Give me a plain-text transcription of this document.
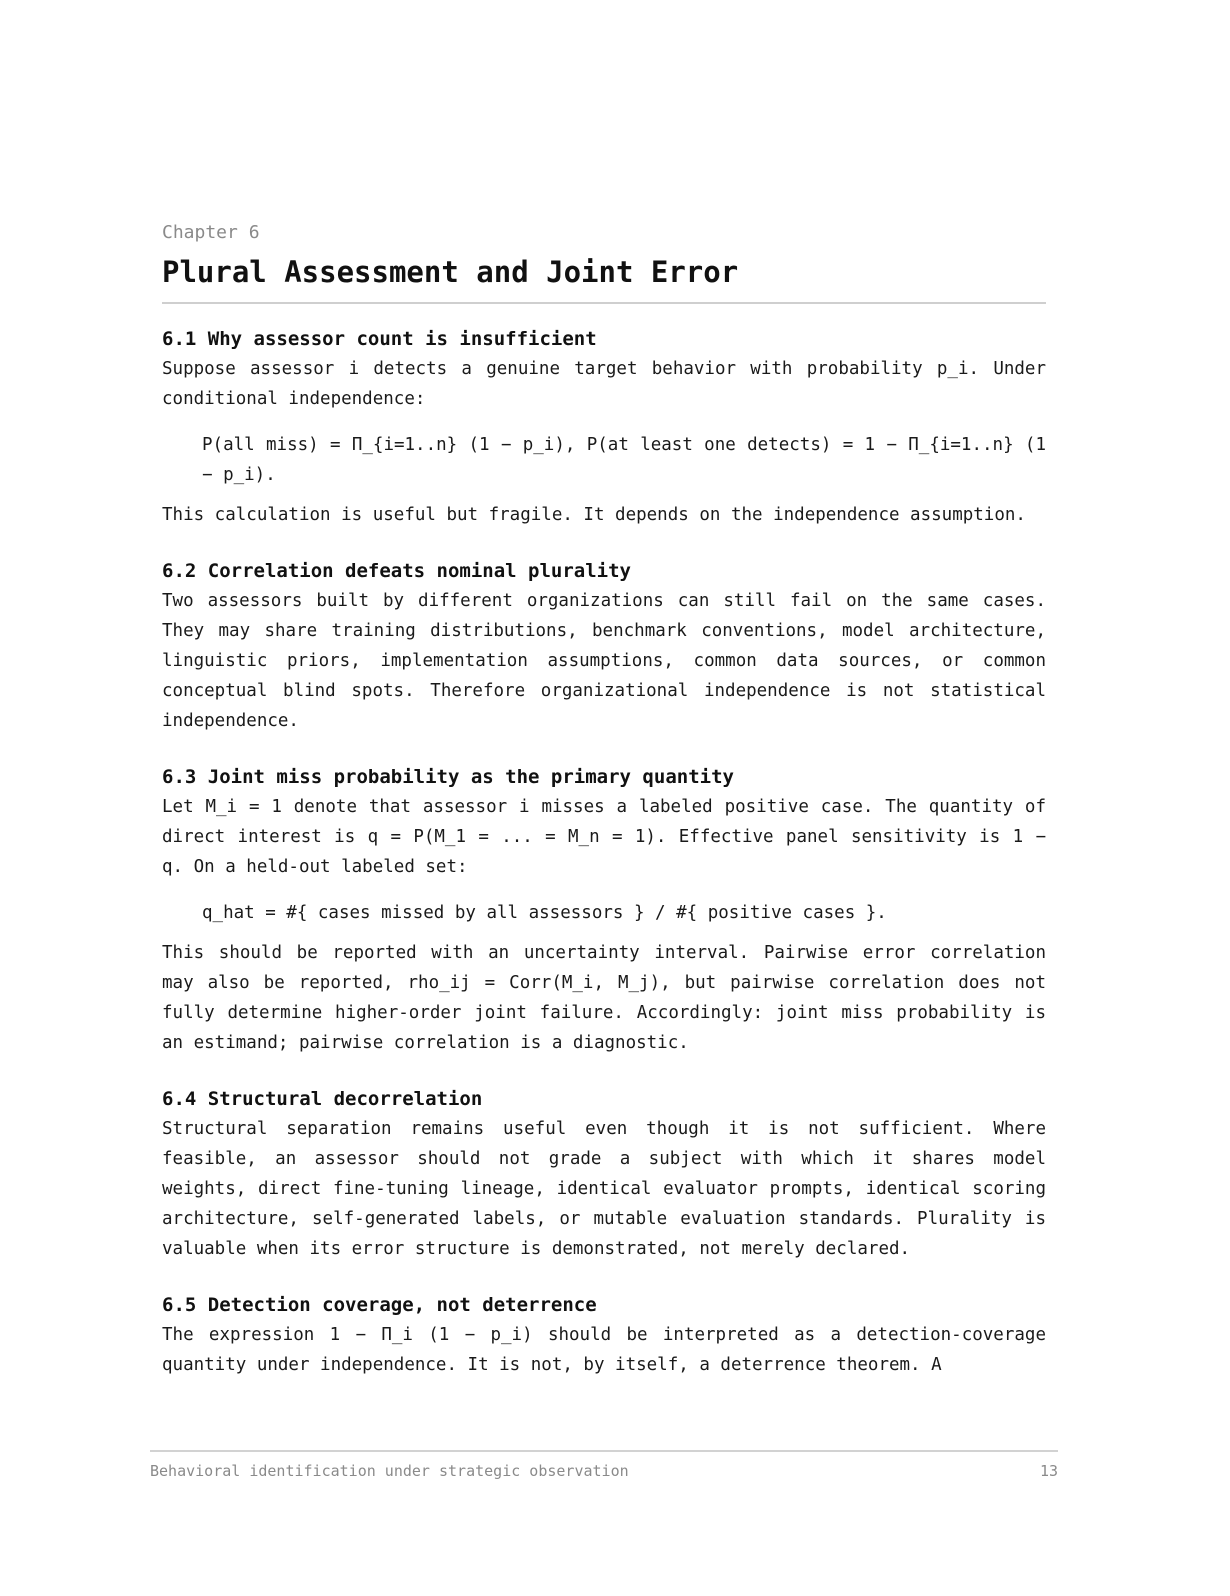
Chapter 6
Plural Assessment and Joint Error
6.1 Why assessor count is insufficient

Suppose assessor i detects a genuine target behavior with probability p_i. Under conditional independence:

P(all miss) = Π_{i=1..n} (1 − p_i), P(at least one detects) = 1 − Π_{i=1..n} (1 − p_i).

This calculation is useful but fragile. It depends on the independence assumption.

6.2 Correlation defeats nominal plurality

Two assessors built by different organizations can still fail on the same cases. They may share training distributions, benchmark conventions, model architecture, linguistic priors, implementation assumptions, common data sources, or common conceptual blind spots. Therefore organizational independence is not statistical independence.

6.3 Joint miss probability as the primary quantity

Let M_i = 1 denote that assessor i misses a labeled positive case. The quantity of direct interest is q = P(M_1 = ... = M_n = 1). Effective panel sensitivity is 1 − q. On a held-out labeled set:

q_hat = #{ cases missed by all assessors } / #{ positive cases }.

This should be reported with an uncertainty interval. Pairwise error correlation may also be reported, rho_ij = Corr(M_i, M_j), but pairwise correlation does not fully determine higher-order joint failure. Accordingly: joint miss probability is an estimand; pairwise correlation is a diagnostic.

6.4 Structural decorrelation

Structural separation remains useful even though it is not sufficient. Where feasible, an assessor should not grade a subject with which it shares model weights, direct fine-tuning lineage, identical evaluator prompts, identical scoring architecture, self-generated labels, or mutable evaluation standards. Plurality is valuable when its error structure is demonstrated, not merely declared.

6.5 Detection coverage, not deterrence

The expression 1 − Π_i (1 − p_i) should be interpreted as a detection-coverage quantity under independence. It is not, by itself, a deterrence theorem. A

Behavioral identification under strategic observation	13
